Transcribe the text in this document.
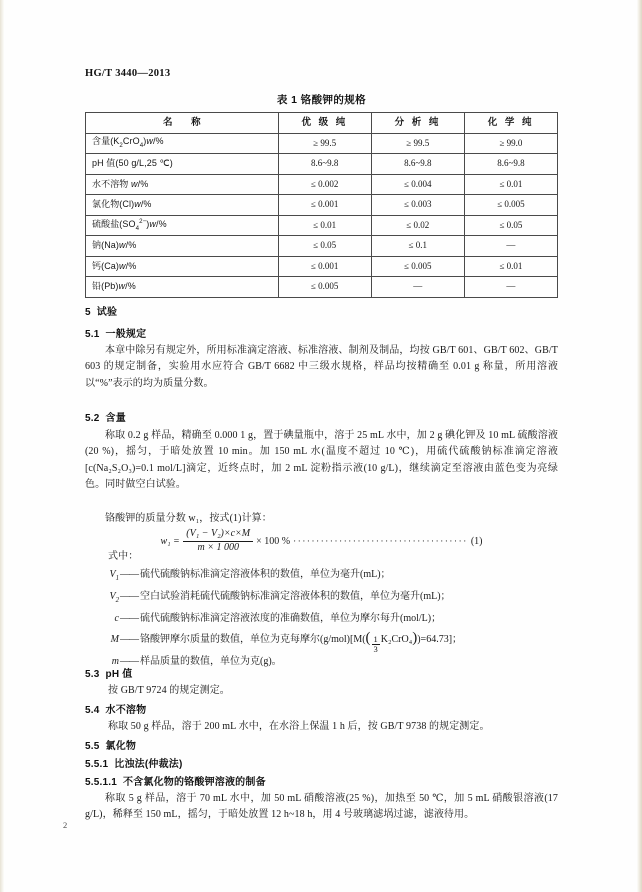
HG/T 3440—2013
表 1 铬酸钾的规格
名 称	优 级 纯	分 析 纯	化 学 纯
含量$(K_2CrO_4)w/\%$	≥ 99.5	≥ 99.5	≥ 99.0
pH 值(50 g/L,25 ℃)	8.6~9.8	8.6~9.8	8.6~9.8
水不溶物 w/%	≤ 0.002	≤ 0.004	≤ 0.01
氯化物(Cl)w/%	≤ 0.001	≤ 0.003	≤ 0.005
硫酸盐$(SO_4^{2-})w/\%$	≤ 0.01	≤ 0.02	≤ 0.05
钠(Na)w/%	≤ 0.05	≤ 0.1	—
钙(Ca)w/%	≤ 0.001	≤ 0.005	≤ 0.01
铅(Pb)w/%	≤ 0.005	—	—
5 试验
5.1 一般规定

本章中除另有规定外，所用标准滴定溶液、标准溶液、制剂及制品，均按 GB/T 601、GB/T 602、GB/T 603 的规定制备，实验用水应符合 GB/T 6682 中三级水规格，样品均按精确至 0.01 g 称量，所用溶液以“%”表示的均为质量分数。

5.2 含量

称取 0.2 g 样品，精确至 0.000 1 g，置于碘量瓶中，溶于 25 mL 水中，加 2 g 碘化钾及 10 mL 硫酸溶液(20 %)，摇匀，于暗处放置 10 min。加 150 mL 水(温度不超过 10 ℃)，用硫代硫酸钠标准滴定溶液[c(Na₂S₂O₃)=0.1 mol/L]滴定，近终点时，加 2 mL 淀粉指示液(10 g/L)，继续滴定至溶液由蓝色变为亮绿色。同时做空白试验。

铬酸钾的质量分数 w₁，按式(1)计算：

$w_1 = \frac{\text{(V₁ − V₂)×c×M}}{m \times 1 000} \times 100$ % ······································ (1)

式中：

$V_1$ —— 硫代硫酸钠标准滴定溶液体积的数值，单位为毫升(mL)；
$V_2$ —— 空白试验消耗硫代硫酸钠标准滴定溶液体积的数值，单位为毫升(mL)；
c —— 硫代硫酸钠标准滴定溶液浓度的准确数值，单位为摩尔每升(mol/L)；
M —— 铬酸钾摩尔质量的数值，单位为克每摩尔(g/mol)[M( ( $\frac{1}{3} K_2CrO_4$ ) )=64.73]；
m —— 样品质量的数值，单位为克(g)。
5.3 pH 值

按 GB/T 9724 的规定测定。

5.4 水不溶物

称取 50 g 样品，溶于 200 mL 水中，在水浴上保温 1 h 后，按 GB/T 9738 的规定测定。

5.5 氯化物
5.5.1 比浊法(仲裁法)
5.5.1.1 不含氯化物的铬酸钾溶液的制备

称取 5 g 样品，溶于 70 mL 水中，加 50 mL 硝酸溶液(25 %)，加热至 50 ℃，加 5 mL 硝酸银溶液(17 g/L)，稀释至 150 mL，摇匀，于暗处放置 12 h~18 h，用 4 号玻璃滤埚过滤，滤液待用。

2
